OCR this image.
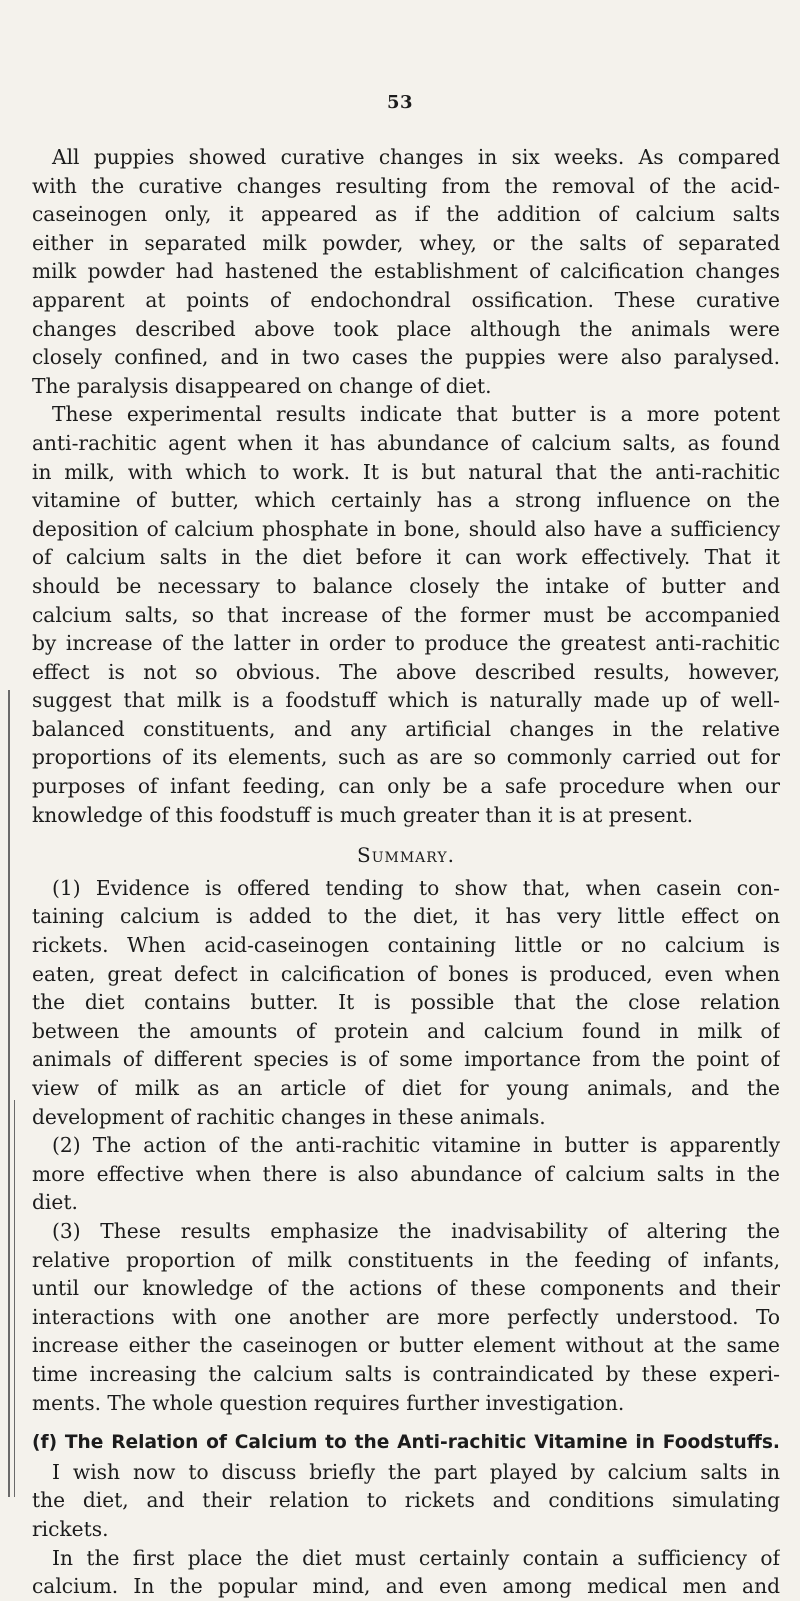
53
All puppies showed curative changes in six weeks. As compared
with the curative changes resulting from the removal of the acid-
caseinogen only, it appeared as if the addition of calcium salts
either in separated milk powder, whey, or the salts of separated
milk powder had hastened the establishment of calcification changes
apparent at points of endochondral ossification. These curative
changes described above took place although the animals were
closely confined, and in two cases the puppies were also paralysed.
The paralysis disappeared on change of diet.
These experimental results indicate that butter is a more potent
anti-rachitic agent when it has abundance of calcium salts, as found
in milk, with which to work. It is but natural that the anti-rachitic
vitamine of butter, which certainly has a strong influence on the
deposition of calcium phosphate in bone, should also have a sufficiency
of calcium salts in the diet before it can work effectively. That it
should be necessary to balance closely the intake of butter and
calcium salts, so that increase of the former must be accompanied
by increase of the latter in order to produce the greatest anti-rachitic
effect is not so obvious. The above described results, however,
suggest that milk is a foodstuff which is naturally made up of well-
balanced constituents, and any artificial changes in the relative
proportions of its elements, such as are so commonly carried out for
purposes of infant feeding, can only be a safe procedure when our
knowledge of this foodstuff is much greater than it is at present.
Summary.
(1) Evidence is offered tending to show that, when casein con-
taining calcium is added to the diet, it has very little effect on
rickets. When acid-caseinogen containing little or no calcium is
eaten, great defect in calcification of bones is produced, even when
the diet contains butter. It is possible that the close relation
between the amounts of protein and calcium found in milk of
animals of different species is of some importance from the point of
view of milk as an article of diet for young animals, and the
development of rachitic changes in these animals.
(2) The action of the anti-rachitic vitamine in butter is apparently
more effective when there is also abundance of calcium salts in the
diet.
(3) These results emphasize the inadvisability of altering the
relative proportion of milk constituents in the feeding of infants,
until our knowledge of the actions of these components and their
interactions with one another are more perfectly understood. To
increase either the caseinogen or butter element without at the same
time increasing the calcium salts is contraindicated by these experi-
ments. The whole question requires further investigation.
(f) The Relation of Calcium to the Anti-rachitic Vitamine in Foodstuffs.
I wish now to discuss briefly the part played by calcium salts in
the diet, and their relation to rickets and conditions simulating
rickets.
In the first place the diet must certainly contain a sufficiency of
calcium. In the popular mind, and even among medical men and
